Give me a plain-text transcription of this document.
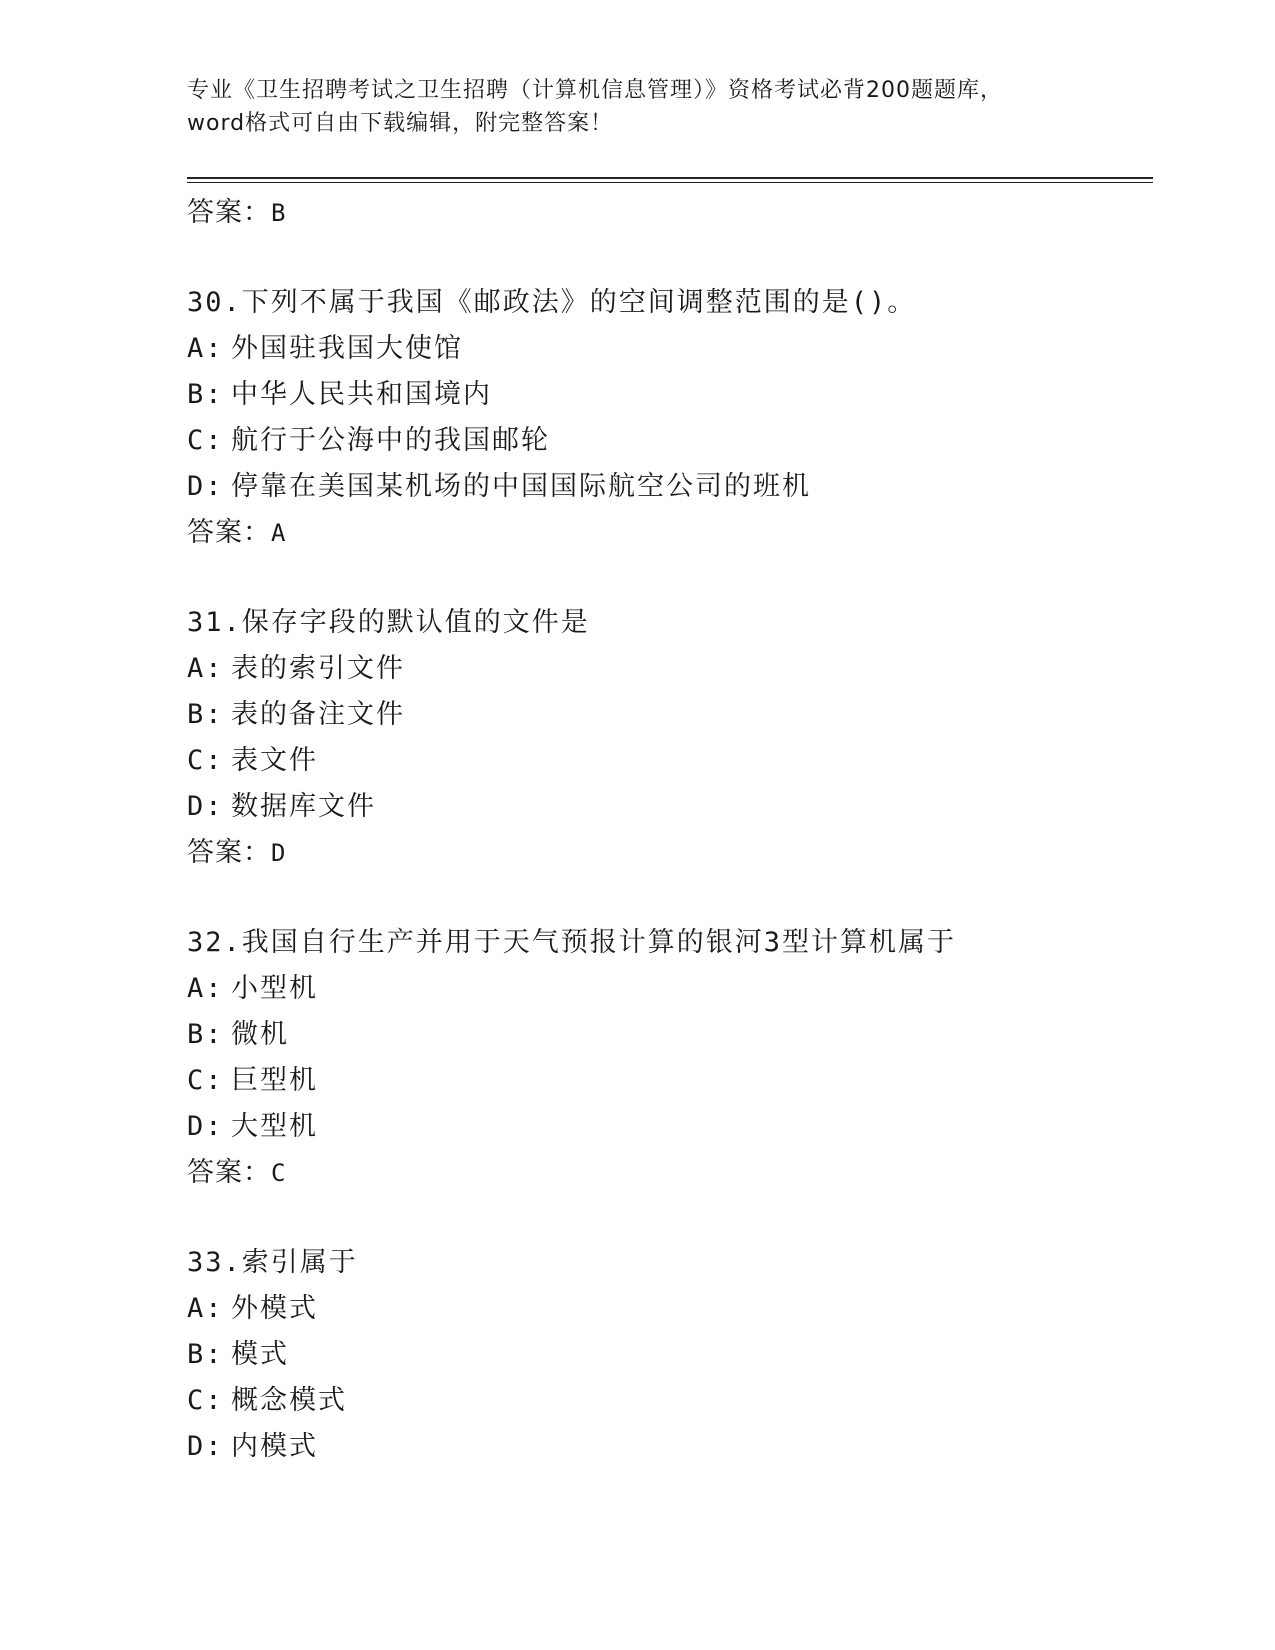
专业《卫生招聘考试之卫生招聘（计算机信息管理）》资格考试必背200题题库，
word格式可自由下载编辑，附完整答案！
答案：B
30.下列不属于我国《邮政法》的空间调整范围的是()。
A: 外国驻我国大使馆
B: 中华人民共和国境内
C: 航行于公海中的我国邮轮
D: 停靠在美国某机场的中国国际航空公司的班机
答案：A
31.保存字段的默认值的文件是
A: 表的索引文件
B: 表的备注文件
C: 表文件
D: 数据库文件
答案：D
32.我国自行生产并用于天气预报计算的银河3型计算机属于
A: 小型机
B: 微机
C: 巨型机
D: 大型机
答案：C
33.索引属于
A: 外模式
B: 模式
C: 概念模式
D: 内模式
